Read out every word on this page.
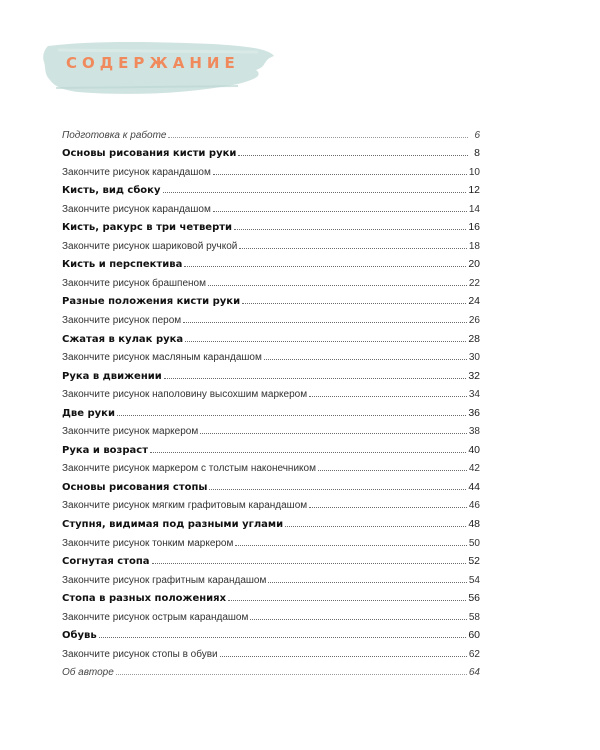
СОДЕРЖАНИЕ
Подготовка к работе	6
Основы рисования кисти руки	8
Закончите рисунок карандашом	10
Кисть, вид сбоку	12
Закончите рисунок карандашом	14
Кисть, ракурс в три четверти	16
Закончите рисунок шариковой ручкой	18
Кисть и перспектива	20
Закончите рисунок брашпеном	22
Разные положения кисти руки	24
Закончите рисунок пером	26
Сжатая в кулак рука	28
Закончите рисунок масляным карандашом	30
Рука в движении	32
Закончите рисунок наполовину высохшим маркером	34
Две руки	36
Закончите рисунок маркером	38
Рука и возраст	40
Закончите рисунок маркером с толстым наконечником	42
Основы рисования стопы	44
Закончите рисунок мягким графитовым карандашом	46
Ступня, видимая под разными углами	48
Закончите рисунок тонким маркером	50
Согнутая стопа	52
Закончите рисунок графитным карандашом	54
Стопа в разных положениях	56
Закончите рисунок острым карандашом	58
Обувь	60
Закончите рисунок стопы в обуви	62
Об авторе	64
